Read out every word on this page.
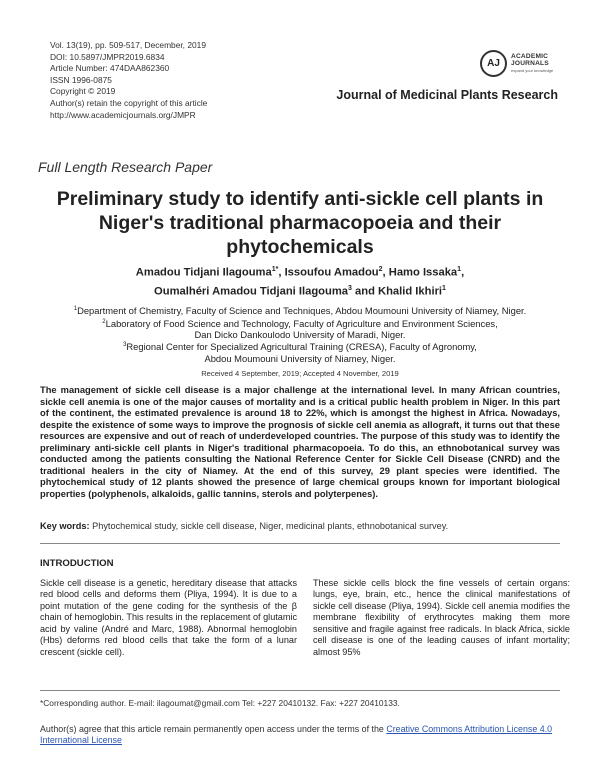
Vol. 13(19), pp. 509-517, December, 2019
DOI: 10.5897/JMPR2019.6834
Article Number: 474DAA862360
ISSN 1996-0875
Copyright © 2019
Author(s) retain the copyright of this article
http://www.academicjournals.org/JMPR
AJ
ACADEMIC
JOURNALS
expand your knowledge
Journal of Medicinal Plants Research
Full Length Research Paper
Preliminary study to identify anti-sickle cell plants in Niger's traditional pharmacopoeia and their phytochemicals
Amadou Tidjani Ilagouma$^{1*}$, Issoufou Amadou$^2$, Hamo Issaka$^1$,
Oumalhéri Amadou Tidjani Ilagouma$^3$ and Khalid Ikhiri$^1$
$^1$Department of Chemistry, Faculty of Science and Techniques, Abdou Moumouni University of Niamey, Niger.
$^2$Laboratory of Food Science and Technology, Faculty of Agriculture and Environment Sciences,
Dan Dicko Dankoulodo University of Maradi, Niger.
$^3$Regional Center for Specialized Agricultural Training (CRESA), Faculty of Agronomy,
Abdou Moumouni University of Niamey, Niger.
Received 4 September, 2019; Accepted 4 November, 2019
The management of sickle cell disease is a major challenge at the international level. In many African countries, sickle cell anemia is one of the major causes of mortality and is a critical public health problem in Niger. In this part of the continent, the estimated prevalence is around 18 to 22%, which is amongst the highest in Africa. Nowadays, despite the existence of some ways to improve the prognosis of sickle cell anemia as allograft, it turns out that these resources are expensive and out of reach of underdeveloped countries. The purpose of this study was to identify the preliminary anti-sickle cell plants in Niger's traditional pharmacopoeia. To do this, an ethnobotanical survey was conducted among the patients consulting the National Reference Center for Sickle Cell Disease (CNRD) and the traditional healers in the city of Niamey. At the end of this survey, 29 plant species were identified. The phytochemical study of 12 plants showed the presence of large chemical groups known for important biological properties (polyphenols, alkaloids, gallic tannins, sterols and polyterpenes).
Key words: Phytochemical study, sickle cell disease, Niger, medicinal plants, ethnobotanical survey.
INTRODUCTION
Sickle cell disease is a genetic, hereditary disease that attacks red blood cells and deforms them (Pliya, 1994). It is due to a point mutation of the gene coding for the synthesis of the β chain of hemoglobin. This results in the replacement of glutamic acid by valine (André and Marc, 1988). Abnormal hemoglobin (Hbs) deforms red blood cells that take the form of a lunar crescent (sickle cell).
These sickle cells block the fine vessels of certain organs: lungs, eye, brain, etc., hence the clinical manifestations of sickle cell disease (Pliya, 1994). Sickle cell anemia modifies the membrane flexibility of erythrocytes making them more sensitive and fragile against free radicals. In black Africa, sickle cell disease is one of the leading causes of infant mortality; almost 95%
*Corresponding author. E-mail: ilagoumat@gmail.com Tel: +227 20410132. Fax: +227 20410133.
Author(s) agree that this article remain permanently open access under the terms of the Creative Commons Attribution License 4.0 International License
